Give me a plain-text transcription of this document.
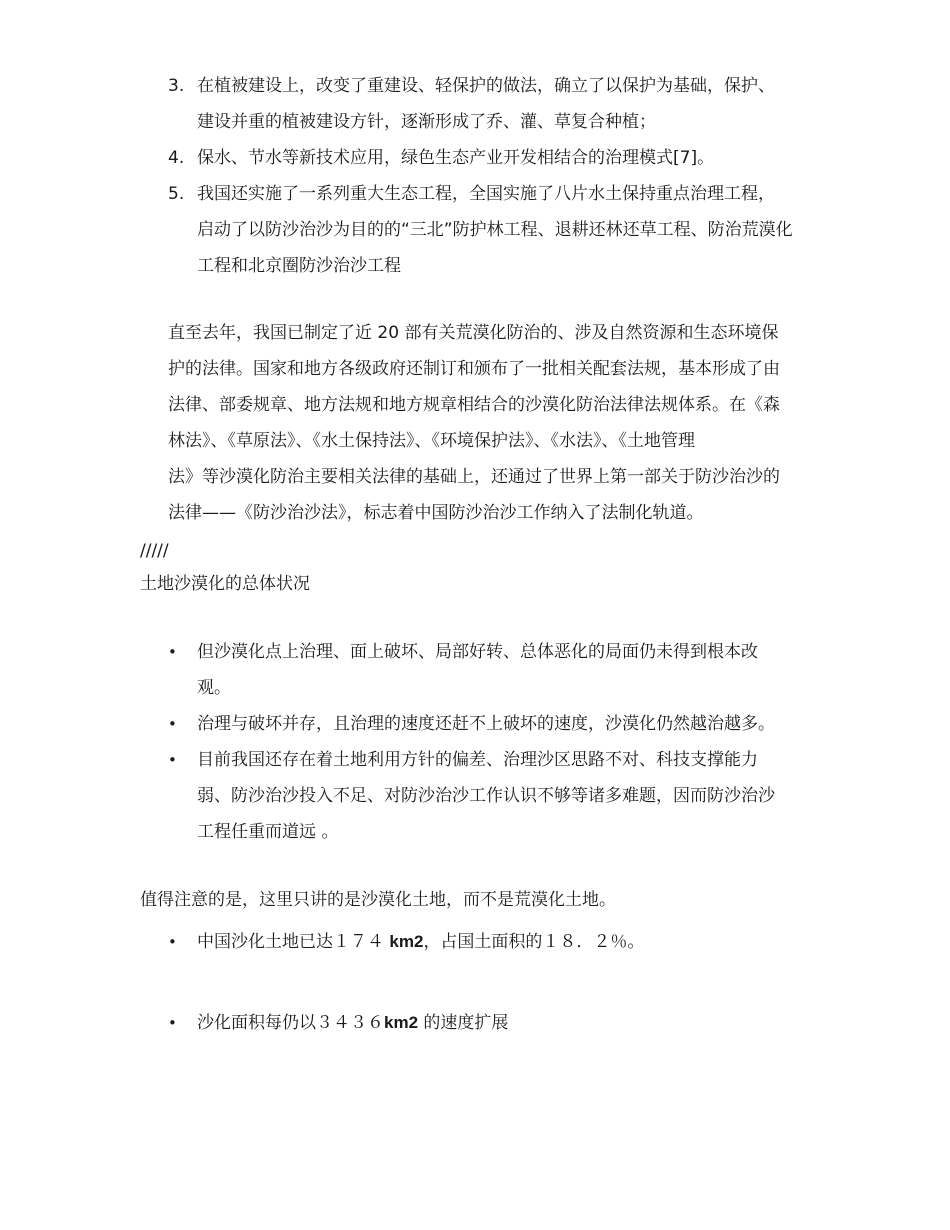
3. 在植被建设上，改变了重建设、轻保护的做法，确立了以保护为基础，保护、
建设并重的植被建设方针，逐渐形成了乔、灌、草复合种植；
4. 保水、节水等新技术应用，绿色生态产业开发相结合的治理模式[7]。
5. 我国还实施了一系列重大生态工程，全国实施了八片水土保持重点治理工程，
启动了以防沙治沙为目的的“三北”防护林工程、退耕还林还草工程、防治荒漠化
工程和北京圈防沙治沙工程
直至去年，我国已制定了近 20 部有关荒漠化防治的、涉及自然资源和生态环境保
护的法律。国家和地方各级政府还制订和颁布了一批相关配套法规，基本形成了由
法律、部委规章、地方法规和地方规章相结合的沙漠化防治法律法规体系。在《森
林法》、《草原法》、《水土保持法》、《环境保护法》、《水法》、《土地管理
法》等沙漠化防治主要相关法律的基础上，还通过了世界上第一部关于防沙治沙的
法律——《防沙治沙法》，标志着中国防沙治沙工作纳入了法制化轨道。
/////
土地沙漠化的总体状况
• 但沙漠化点上治理、面上破坏、局部好转、总体恶化的局面仍未得到根本改
观。
• 治理与破坏并存，且治理的速度还赶不上破坏的速度，沙漠化仍然越治越多。
• 目前我国还存在着土地利用方针的偏差、治理沙区思路不对、科技支撑能力
弱、防沙治沙投入不足、对防沙治沙工作认识不够等诸多难题，因而防沙治沙
工程任重而道远 。
值得注意的是，这里只讲的是沙漠化土地，而不是荒漠化土地。
• 中国沙化土地已达１７４ km2，占国土面积的１８．２％。
• 沙化面积每仍以３４３６km2 的速度扩展
